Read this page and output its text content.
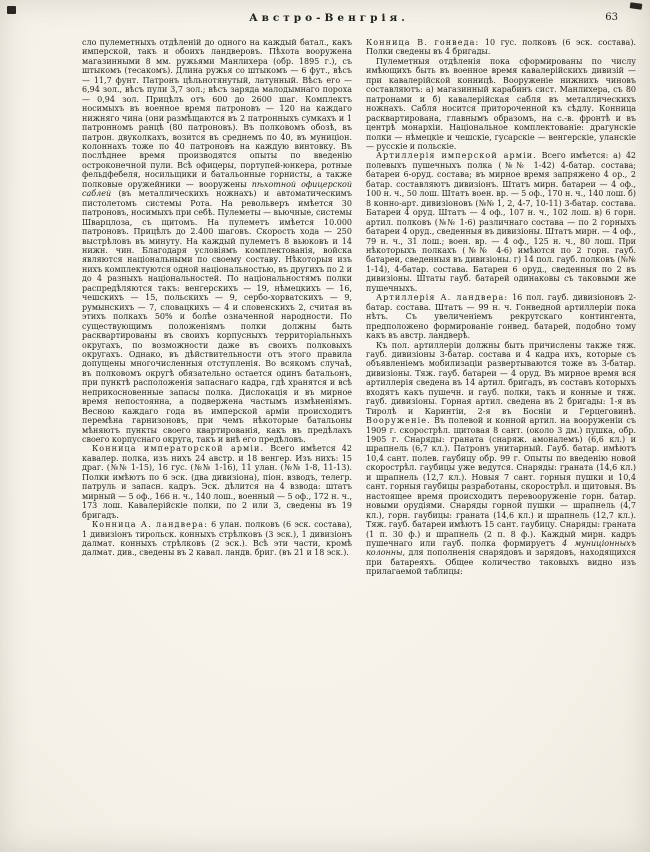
Австро-Венгрія.	63

сло пулеметныхъ отдѣленій до одного на каждый батал., какъ имперской, такъ и обоихъ ландверовъ. Пѣхота вооружена магазинными 8 мм. ружьями Манлихера (обр. 1895 г.), съ штыкомъ (тесакомъ). Длина ружья со штыкомъ — 6 фут., вѣсъ — 11,7 фунт. Патронъ цѣльнотянутый, латунный. Вѣсъ его — 6,94 зол., вѣсъ пули 3,7 зол.; вѣсъ заряда малодымнаго пороха — 0,94 зол. Прицѣлъ отъ 600 до 2600 шаг. Комплектъ носимыхъ въ военное время патроновъ — 120 на каждаго нижняго чина (они размѣщаются въ 2 патронныхъ сумкахъ и 1 патронномъ ранцѣ (80 патроновъ). Въ полковомъ обозѣ, въ патрон. двуколкахъ, возится въ среднемъ по 40, въ муниціон. колоннахъ тоже по 40 патроновъ на каждую винтовку. Въ послѣднее время производятся опыты по введенію остроконечной пули. Всѣ офицеры, портупей-юнкера, ротные фельдфебеля, носильщики и батальонные горнисты, а также полковые оружейники — вооружены пѣхотной офицерской саблей (въ металлическихъ ножнахъ) и автоматическимъ пистолетомъ системы Рота. На револьверъ имѣется 30 патроновъ, носимыхъ при себѣ. Пулеметы — вьючные, системы Шварцлоза, съ щитомъ. На пулеметъ имѣется 10.000 патроновъ. Прицѣлъ до 2.400 шаговъ. Скорость хода — 250 выстрѣловъ въ минуту. На каждый пулеметъ 8 вьюковъ и 14 нижн. чин. Благодаря условіямъ комплектованія, войска являются національными по своему составу. Нѣкоторыя изъ нихъ комплектуются одной національностью, въ другихъ по 2 и до 4 разныхъ національностей. По національностямъ полки распредѣляются такъ: венгерскихъ — 19, нѣмецкихъ — 16, чешскихъ — 15, польскихъ — 9, сербо-хорватскихъ — 9, румынскихъ — 7, словацкихъ — 4 и словенскихъ 2, считая въ этихъ полкахъ 50% и болѣе означенной народности. По существующимъ положеніямъ полки должны быть расквартированы въ своихъ корпусныхъ территоріальныхъ округахъ, по возможности даже въ своихъ полковыхъ округахъ. Однако, въ дѣйствительности отъ этого правила допущены многочисленныя отступленія. Во всякомъ случаѣ, въ полковомъ округѣ обязательно остается одинъ батальонъ, при пунктѣ расположенія запаснаго кадра, гдѣ хранятся и всѣ неприкосновенные запасы полка. Дислокація и въ мирное время непостоянна, а подвержена частымъ измѣненіямъ. Весною каждаго года въ имперской арміи происходитъ перемѣна гарнизоновъ, при чемъ нѣкоторые батальоны мѣняютъ пункты своего квартированія, какъ въ предѣлахъ своего корпуснаго округа, такъ и внѣ его предѣловъ.

Конница императорской арміи. Всего имѣется 42 кавалер. полка, изъ нихъ 24 австр. и 18 венгер. Изъ нихъ: 15 драг. (№№ 1-15), 16 гус. (№№ 1-16), 11 улан. (№№ 1-8, 11-13). Полки имѣютъ по 6 эск. (два дивизіона), піон. взводъ, телегр. патруль и запасн. кадръ. Эск. дѣлится на 4 взвода: штатъ мирный — 5 оф., 166 н. ч., 140 лош., военный — 5 оф., 172 н. ч., 173 лош. Кавалерійскіе полки, по 2 или 3, сведены въ 19 бригадъ.

Конница А. ландвера: 6 улан. полковъ (6 эск. состава), 1 дивизіонъ тирольск. конныхъ стрѣлковъ (3 эск.), 1 дивизіонъ далмат. конныхъ стрѣлковъ (2 эск.). Всѣ эти части, кромѣ далмат. див., сведены въ 2 кавал. ландв. бриг. (въ 21 и 18 эск.).

Конница В. гонведа: 10 гус. полковъ (6 эск. состава). Полки сведены въ 4 бригады.

Пулеметныя отдѣленія пока сформированы по числу имѣющихъ быть въ военное время кавалерійскихъ дивизій — при кавалерійской конницѣ. Вооруженіе нижнихъ чиновъ составляютъ: а) магазинный карабинъ сист. Манлихера, съ 80 патронами и б) кавалерійская сабля въ металлическихъ ножнахъ. Сабля носится притороченной къ сѣдлу. Конница расквартирована, главнымъ образомъ, на с.-в. фронтѣ и въ центрѣ монархіи. Національное комплектованіе: драгунскіе полки — нѣмецкіе и чешскіе, гусарскіе — венгерскіе, уланскіе — русскіе и польскіе.

Артиллерія имперской арміи. Всего имѣется: а) 42 полевыхъ пушечныхъ полка (№№ 1-42) 4-батар. состава; батареи 6-оруд. состава; въ мирное время запряжено 4 ор., 2 батар. составляютъ дивизіонъ. Штатъ мирн. батареи — 4 оф., 100 н. ч., 50 лош. Штатъ воен. вр. — 5 оф., 170 н. ч., 140 лош. б) 8 конно-арт. дивизіоновъ (№№ 1, 2, 4-7, 10-11) 3-батар. состава. Батареи 4 оруд. Штатъ — 4 оф., 107 н. ч., 102 лош. в) 6 горн. артил. полковъ (№№ 1-6) различнаго состава — по 2 горныхъ батареи 4 оруд., сведенныя въ дивизіоны. Штатъ мирн. — 4 оф., 79 н. ч., 31 лош.; воен. вр. — 4 оф., 125 н. ч., 80 лош. При нѣкоторыхъ полкахъ (№№ 4-6) имѣются по 2 горн. гауб. батареи, сведенныя въ дивизіоны. г) 14 пол. гауб. полковъ (№№ 1-14), 4-батар. состава. Батареи 6 оруд., сведенныя по 2 въ дивизіоны. Штаты гауб. батарей одинаковы съ таковыми же пушечныхъ.

Артиллерія А. ландвера: 16 пол. гауб. дивизіоновъ 2-батар. состава. Штатъ — 99 н. ч. Гонведной артиллеріи пока нѣтъ. Съ увеличеніемъ рекрутскаго контингента, предположено формированіе гонвед. батарей, подобно тому какъ въ австр. ландверѣ.

Къ пол. артиллеріи должны быть причислены также тяж. гауб. дивизіоны 3-батар. состава и 4 кадра ихъ, которые съ объявленіемъ мобилизаціи развертываются тоже въ 3-батар. дивизіоны. Тяж. гауб. батареи — 4 оруд. Въ мирное время вся артиллерія сведена въ 14 артил. бригадъ, въ составъ которыхъ входятъ какъ пушечн. и гауб. полки, такъ и конные и тяж. гауб. дивизіоны. Горная артил. сведена въ 2 бригады: 1-я въ Тиролѣ и Каринтіи, 2-я въ Босніи и Герцеговинѣ. Вооруженіе. Въ полевой и конной артил. на вооруженіи съ 1909 г. скорострѣл. щитовая 8 сант. (около 3 дм.) пушка, обр. 1905 г. Снаряды: граната (снаряж. амоналемъ) (6,6 кл.) и шрапнель (6,7 кл.). Патронъ унитарный. Гауб. батар. имѣютъ 10,4 сант. полев. гаубицу обр. 99 г. Опыты по введенію новой скорострѣл. гаубицы уже ведутся. Снаряды: граната (14,6 кл.) и шрапнель (12,7 кл.). Новыя 7 сант. горныя пушки и 10,4 сант. горныя гаубицы разработаны, скорострѣл. и щитовыя. Въ настоящее время происходитъ перевооруженіе горн. батар. новыми орудіями. Снаряды горной пушки — шрапнель (4,7 кл.), горн. гаубицы: граната (14,6 кл.) и шрапнель (12,7 кл.). Тяж. гауб. батареи имѣютъ 15 сант. гаубицу. Снаряды: граната (1 п. 30 ф.) и шрапнель (2 п. 8 ф.). Каждый мирн. кадръ пушечнаго или гауб. полка формируетъ 4 муниціонныхъ колонны, для пополненія снарядовъ и зарядовъ, находящихся при батареяхъ. Общее количество таковыхъ видно изъ прилагаемой таблицы:
